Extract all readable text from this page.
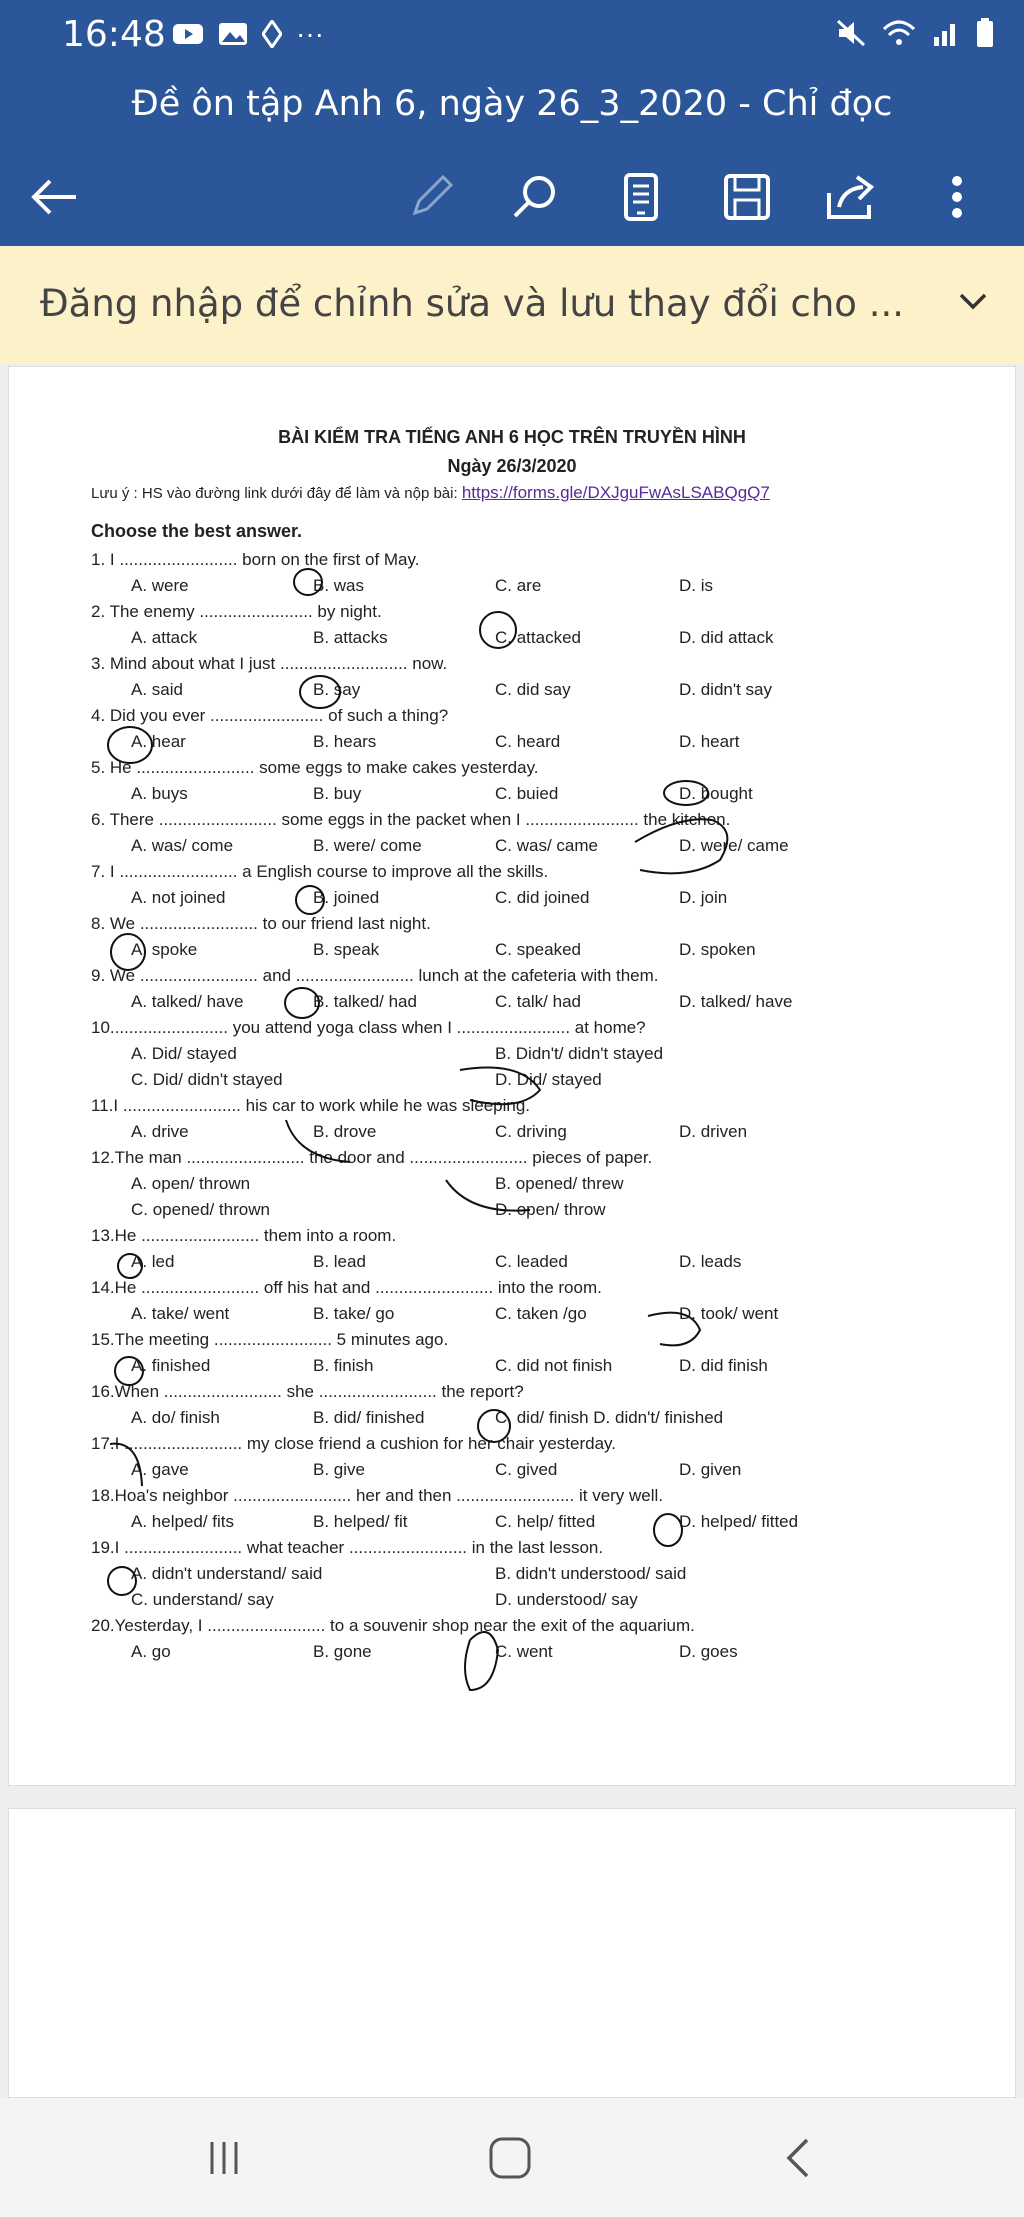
16:48	···
Đề ôn tập Anh 6, ngày 26_3_2020 - Chỉ đọc
Đăng nhập để chỉnh sửa và lưu thay đổi cho ...
BÀI KIỂM TRA TIẾNG ANH 6 HỌC TRÊN TRUYỀN HÌNH
Ngày 26/3/2020
Lưu ý : HS vào đường link dưới đây để làm và nộp bài: https://forms.gle/DXJguFwAsLSABQgQ7
Choose the best answer.
1. I ......................... born on the first of May.
A. were	B. was	C. are	D. is
2. The enemy ........................ by night.
A. attack	B. attacks	C. attacked	D. did attack
3. Mind about what I just ........................... now.
A. said	B. say	C. did say	D. didn't say
4. Did you ever ........................ of such a thing?
A. hear	B. hears	C. heard	D. heart
5. He ......................... some eggs to make cakes yesterday.
A. buys	B. buy	C. buied	D. bought
6. There ......................... some eggs in the packet when I ........................ the kitchen.
A. was/ come	B. were/ come	C. was/ came	D. were/ came
7. I ......................... a English course to improve all the skills.
A. not joined	B. joined	C. did joined	D. join
8. We ......................... to our friend last night.
A. spoke	B. speak	C. speaked	D. spoken
9. We ......................... and ......................... lunch at the cafeteria with them.
A. talked/ have	B. talked/ had	C. talk/ had	D. talked/ have
10......................... you attend yoga class when I ........................ at home?
A. Did/ stayed	B. Didn't/ didn't stayed
C. Did/ didn't stayed	D. Did/ stayed
11.I ......................... his car to work while he was sleeping.
A. drive	B. drove	C. driving	D. driven
12.The man ......................... the door and ......................... pieces of paper.
A. open/ thrown	B. opened/ threw
C. opened/ thrown	D. open/ throw
13.He ......................... them into a room.
A. led	B. lead	C. leaded	D. leads
14.He ......................... off his hat and ......................... into the room.
A. take/ went	B. take/ go	C. taken /go	D. took/ went
15.The meeting ......................... 5 minutes ago.
A. finished	B. finish	C. did not finish	D. did finish
16.When ......................... she ......................... the report?
A. do/ finish	B. did/ finished	C. did/ finish D. didn't/ finished
17.I ......................... my close friend a cushion for her chair yesterday.
A. gave	B. give	C. gived	D. given
18.Hoa's neighbor ......................... her and then ......................... it very well.
A. helped/ fits	B. helped/ fit	C. help/ fitted	D. helped/ fitted
19.I ......................... what teacher ......................... in the last lesson.
A. didn't understand/ said	B. didn't understood/ said
C. understand/ say	D. understood/ say
20.Yesterday, I ......................... to a souvenir shop near the exit of the aquarium.
A. go	B. gone	C. went	D. goes
